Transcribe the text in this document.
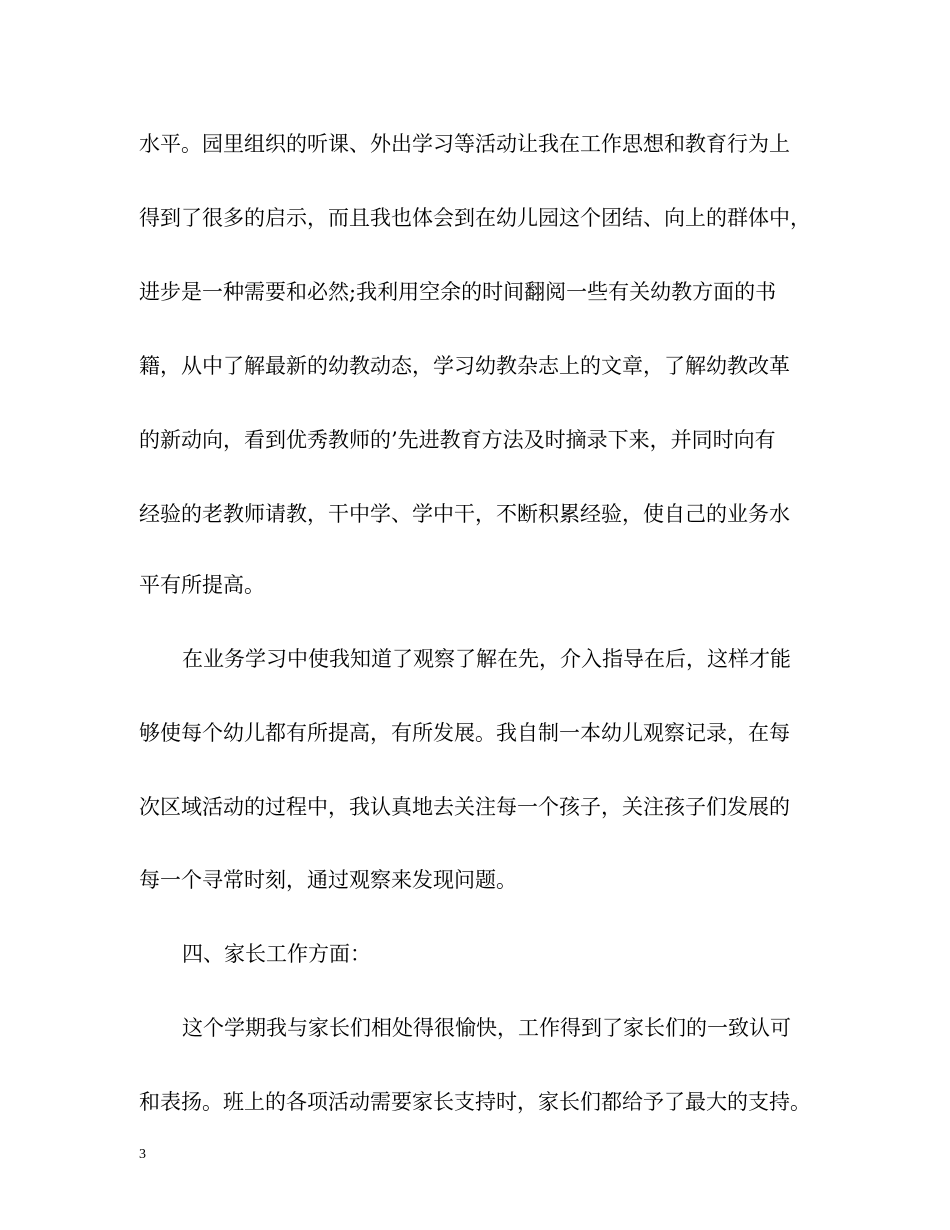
水平。园里组织的听课、外出学习等活动让我在工作思想和教育行为上
得到了很多的启示，而且我也体会到在幼儿园这个团结、向上的群体中，
进步是一种需要和必然;我利用空余的时间翻阅一些有关幼教方面的书
籍，从中了解最新的幼教动态，学习幼教杂志上的文章，了解幼教改革
的新动向，看到优秀教师的’先进教育方法及时摘录下来，并同时向有
经验的老教师请教，干中学、学中干，不断积累经验，使自己的业务水
平有所提高。
在业务学习中使我知道了观察了解在先，介入指导在后，这样才能
够使每个幼儿都有所提高，有所发展。我自制一本幼儿观察记录，在每
次区域活动的过程中，我认真地去关注每一个孩子，关注孩子们发展的
每一个寻常时刻，通过观察来发现问题。
四、家长工作方面：
这个学期我与家长们相处得很愉快，工作得到了家长们的一致认可
和表扬。班上的各项活动需要家长支持时，家长们都给予了最大的支持。
3
